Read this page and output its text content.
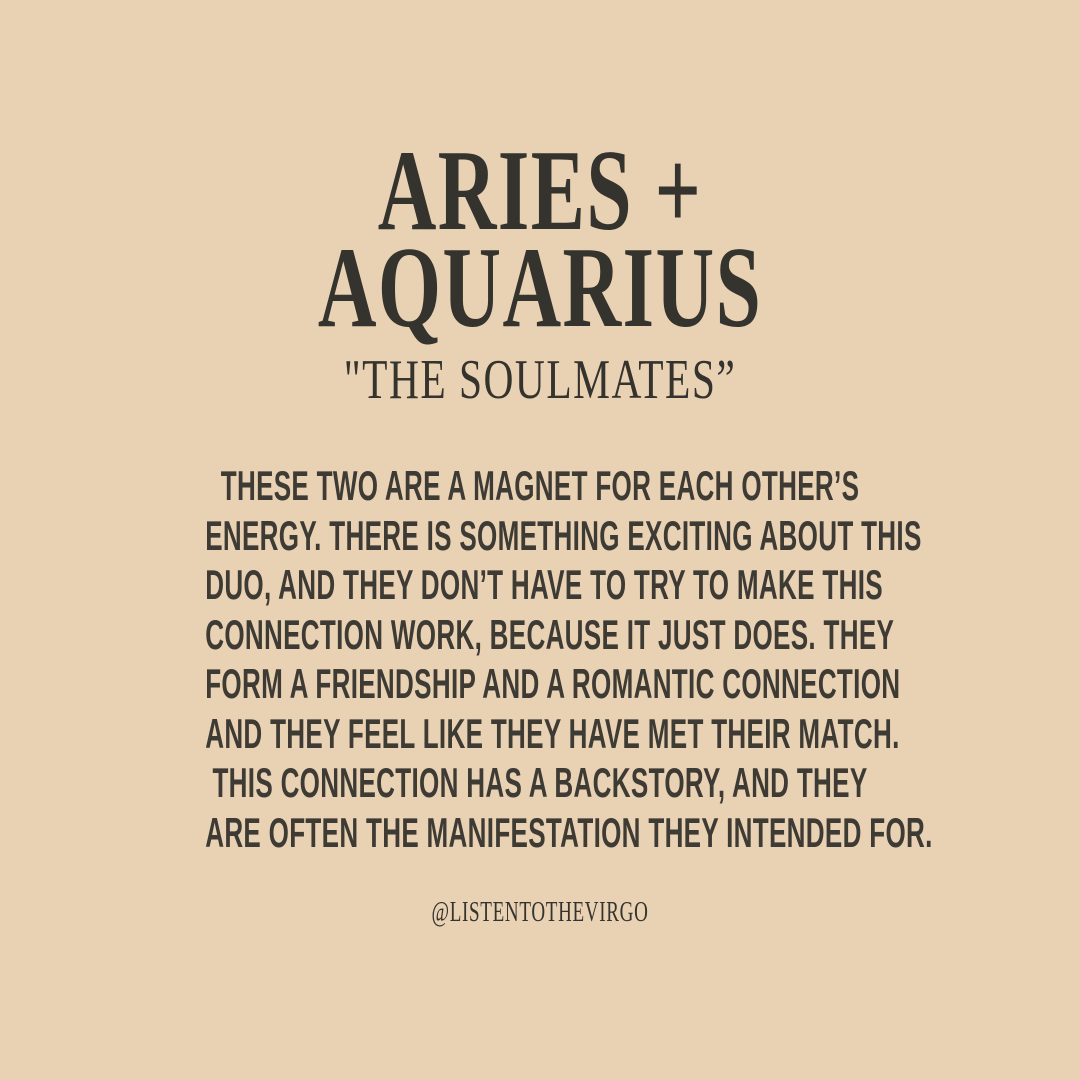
ARIES +
AQUARIUS
"THE SOULMATES”
THESE TWO ARE A MAGNET FOR EACH OTHER’S
ENERGY. THERE IS SOMETHING EXCITING ABOUT THIS
DUO, AND THEY DON’T HAVE TO TRY TO MAKE THIS
CONNECTION WORK, BECAUSE IT JUST DOES. THEY
FORM A FRIENDSHIP AND A ROMANTIC CONNECTION
AND THEY FEEL LIKE THEY HAVE MET THEIR MATCH.
THIS CONNECTION HAS A BACKSTORY, AND THEY
ARE OFTEN THE MANIFESTATION THEY INTENDED FOR.
@LISTENTOTHEVIRGO
